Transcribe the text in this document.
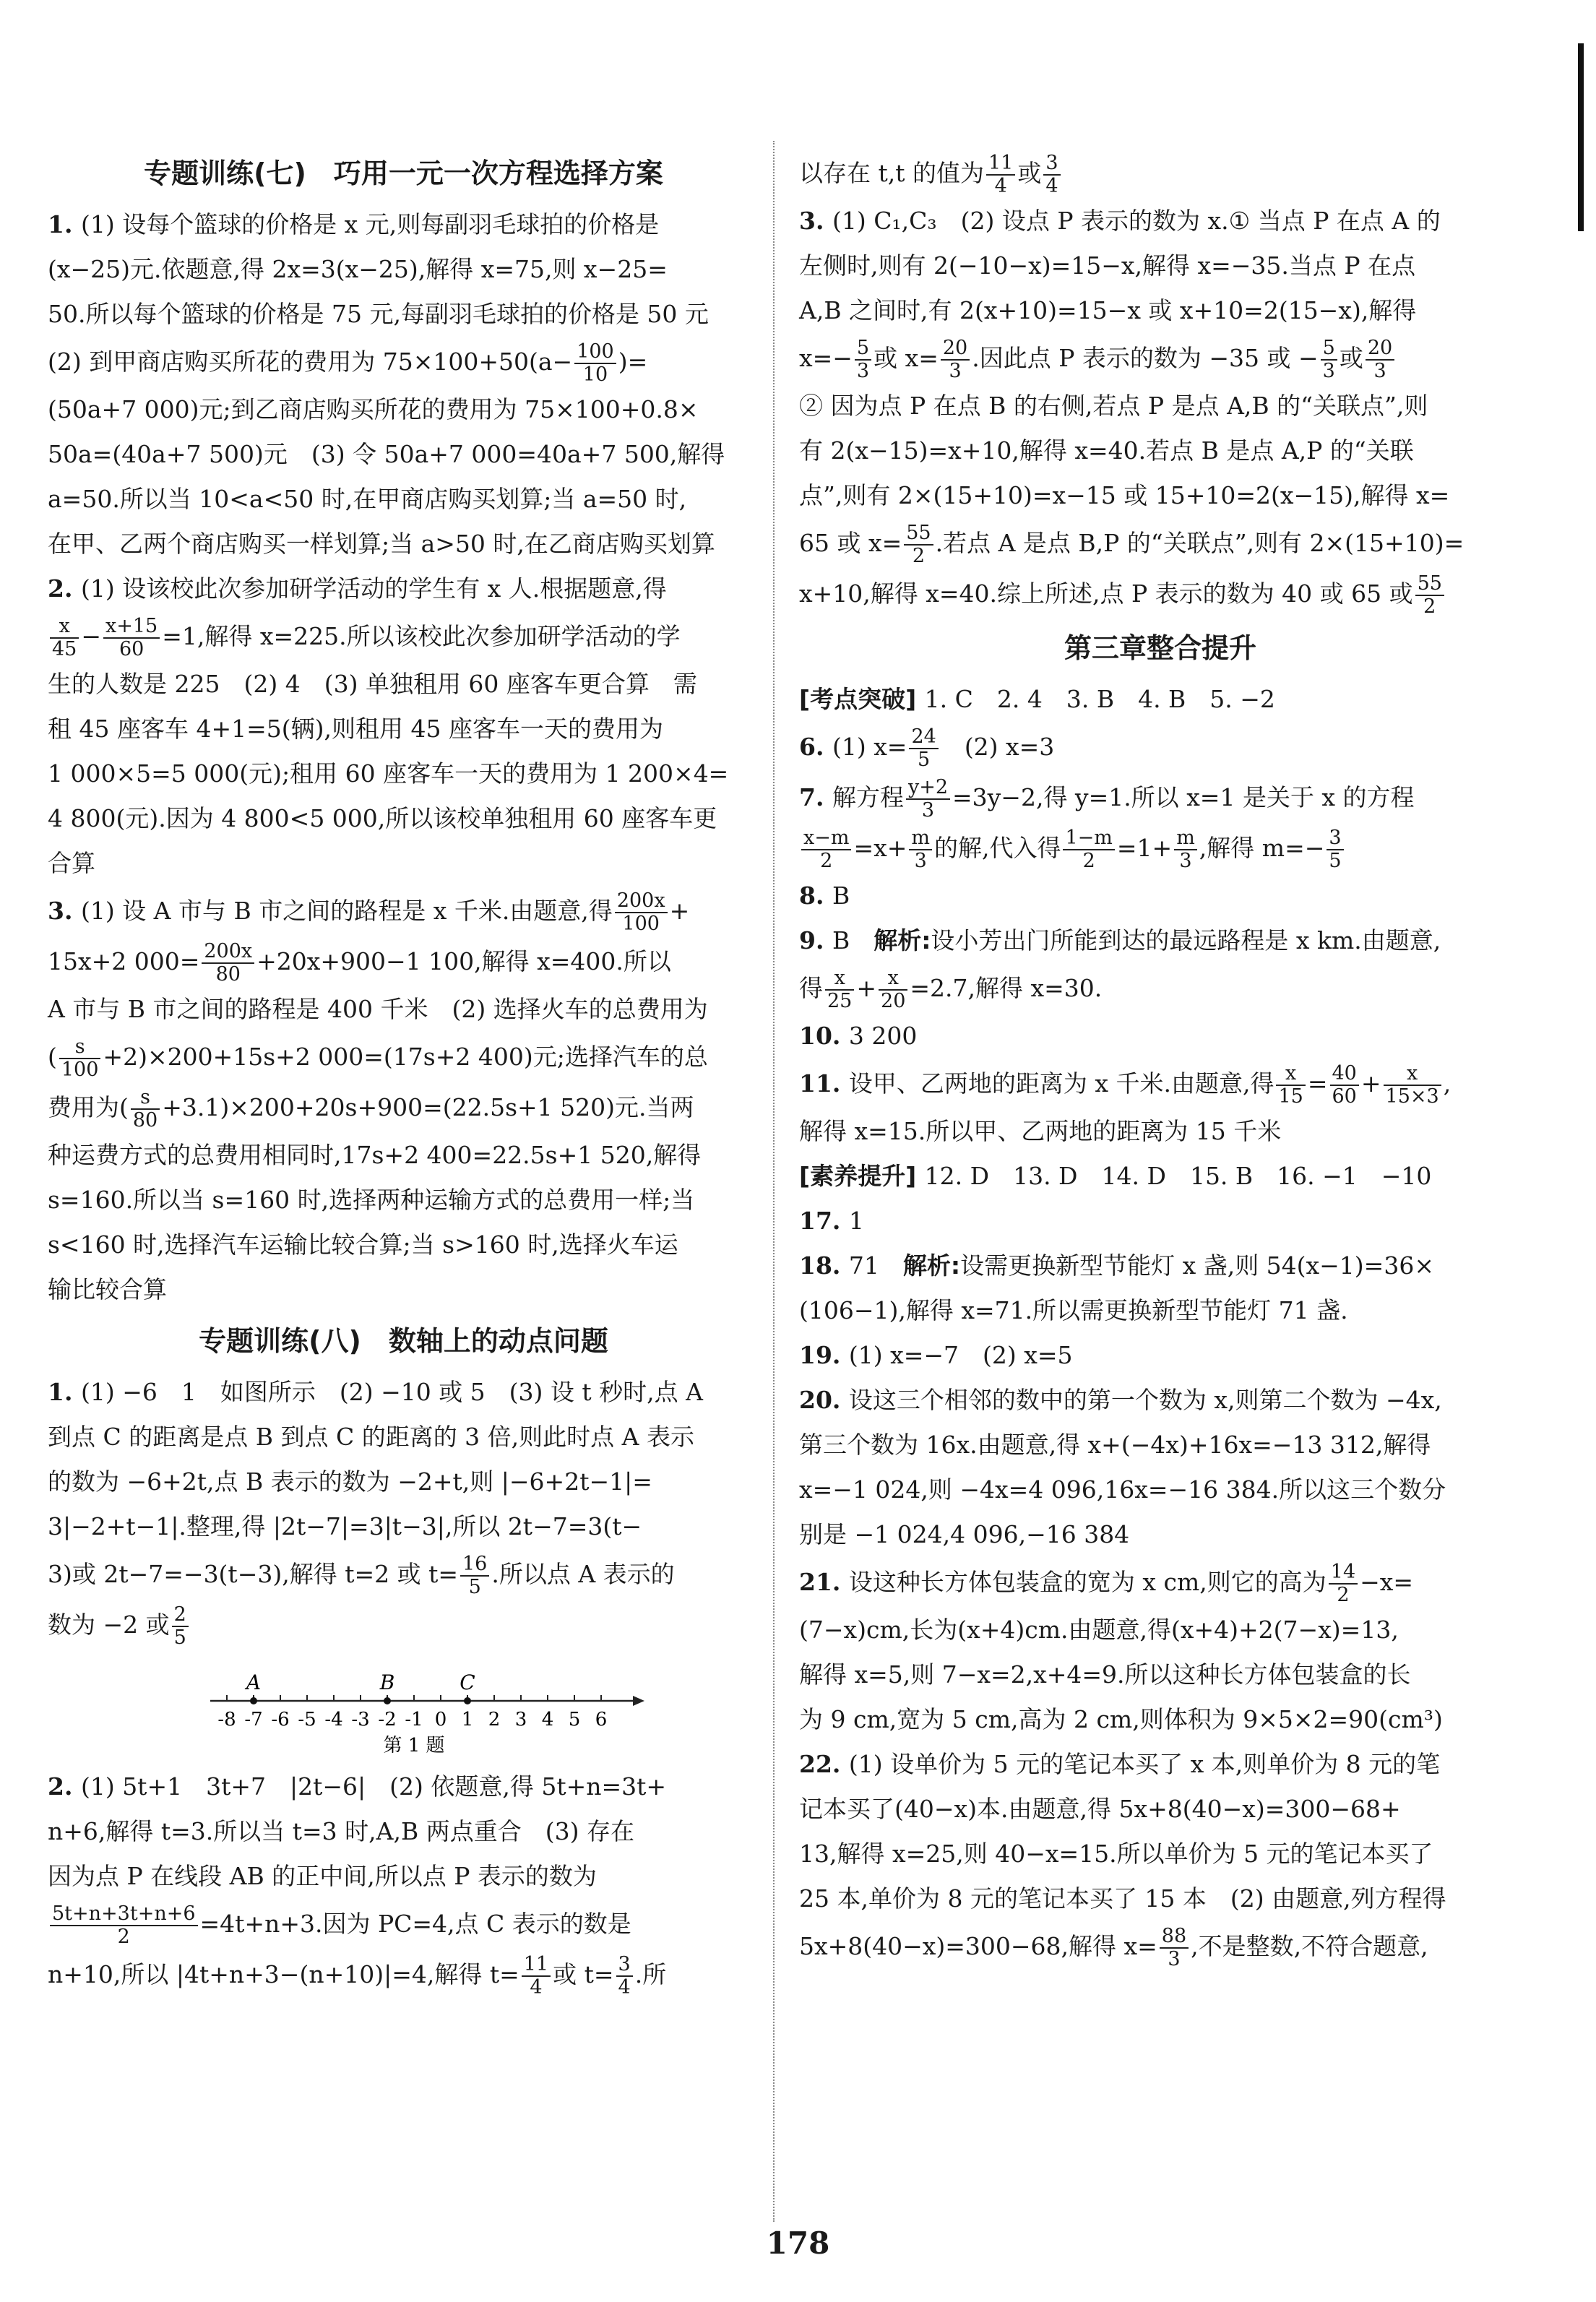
专题训练(七)　巧用一元一次方程选择方案

1. (1) 设每个篮球的价格是 x 元,则每副羽毛球拍的价格是

(x−25)元.依题意,得 2x=3(x−25),解得 x=75,则 x−25=

50.所以每个篮球的价格是 75 元,每副羽毛球拍的价格是 50 元

(2) 到甲商店购买所花的费用为 $75\times 100+50(a- \frac{100}{10}$ )=

(50a+7 000)元;到乙商店购买所花的费用为 75×100+0.8×

50a=(40a+7 500)元　(3) 令 50a+7 000=40a+7 500,解得

a=50.所以当 10<a<50 时,在甲商店购买划算;当 a=50 时,

在甲、乙两个商店购买一样划算;当 a>50 时,在乙商店购买划算

2. (1) 设该校此次参加研学活动的学生有 x 人.根据题意,得

$\frac{x}{45} - \frac{x+15}{60} =1$,解得 x=225.所以该校此次参加研学活动的学

生的人数是 225　(2) 4　(3) 单独租用 60 座客车更合算　需

租 45 座客车 4+1=5(辆),则租用 45 座客车一天的费用为

1 000×5=5 000(元);租用 60 座客车一天的费用为 1 200×4=

4 800(元).因为 4 800<5 000,所以该校单独租用 60 座客车更

合算

3. (1) 设 A 市与 B 市之间的路程是 x 千米.由题意,得 $\frac{200x}{100}$ +

15x+2 $000= \frac{200x}{80} +20x+900-1$ 100,解得 x=400.所以

A 市与 B 市之间的路程是 400 千米　(2) 选择火车的总费用为

( $\frac{s}{100} +2)\times 200+15s+2$ 000=(17s+2 400)元;选择汽车的总

费用为( $\frac{s}{80} +3.1)\times 200+20s+900=(22.5s+1$ 520)元.当两

种运费方式的总费用相同时,17s+2 400=22.5s+1 520,解得

s=160.所以当 s=160 时,选择两种运输方式的总费用一样;当

s<160 时,选择汽车运输比较合算;当 s>160 时,选择火车运

输比较合算

专题训练(八)　数轴上的动点问题

1. (1) −6　1　如图所示　(2) −10 或 5　(3) 设 t 秒时,点 A

到点 C 的距离是点 B 到点 C 的距离的 3 倍,则此时点 A 表示

的数为 −6+2t,点 B 表示的数为 −2+t,则 |−6+2t−1|=

3|−2+t−1|.整理,得 |2t−7|=3|t−3|,所以 2t−7=3(t−

3)或 2t−7=−3(t−3),解得 t=2 或 $t= \frac{16}{5}$ .所以点 A 表示的

数为 −2 或 $\frac{2}{5}$

-8 -7 -6 -5 -4 -3 -2 -1 0 1 2 3 4 5 6
A	B	C
第 1 题

2. (1) 5t+1　3t+7　|2t−6|　(2) 依题意,得 5t+n=3t+

n+6,解得 t=3.所以当 t=3 时,A,B 两点重合　(3) 存在

因为点 P 在线段 AB 的正中间,所以点 P 表示的数为

$\frac{5t+n+3t+n+6}{2} =4t+n+3$.因为 PC=4,点 C 表示的数是

n+10,所以 |4t+n+3−(n+10)|=4,解得 $t= \frac{11}{4}$ 或 $t= \frac{3}{4}$ .所

以存在 t,t 的值为 $\frac{11}{4}$ 或 $\frac{3}{4}$

3. (1) C₁,C₃　(2) 设点 P 表示的数为 x.① 当点 P 在点 A 的

左侧时,则有 2(−10−x)=15−x,解得 x=−35.当点 P 在点

A,B 之间时,有 2(x+10)=15−x 或 x+10=2(15−x),解得

$x=- \frac{5}{3}$ 或 $x= \frac{20}{3}$ .因此点 P 表示的数为 −35 或 − $\frac{5}{3}$ 或 $\frac{20}{3}$

② 因为点 P 在点 B 的右侧,若点 P 是点 A,B 的“关联点”,则

有 2(x−15)=x+10,解得 x=40.若点 B 是点 A,P 的“关联

点”,则有 2×(15+10)=x−15 或 15+10=2(x−15),解得 x=

65 或 $x= \frac{55}{2}$ .若点 A 是点 B,P 的“关联点”,则有 2×(15+10)=

x+10,解得 x=40.综上所述,点 P 表示的数为 40 或 65 或 $\frac{55}{2}$

第三章整合提升

[考点突破] 1. C　2. 4　3. B　4. B　5. −2

6. (1) $x= \frac{24}{5}$ 　(2) x=3

7. 解方程 $\frac{y+2}{3} =3y-2$,得 y=1.所以 x=1 是关于 x 的方程

$\frac{x-m}{2} =x+ \frac{m}{3}$ 的解,代入得 $\frac{1-m}{2} =1+ \frac{m}{3}$ ,解得 $m=- \frac{3}{5}$

8. B

9. B　解析:设小芳出门所能到达的最远路程是 x km.由题意,

得 $\frac{x}{25} + \frac{x}{20} =2.7$,解得 x=30.

10. 3 200

11. 设甲、乙两地的距离为 x 千米.由题意,得 $\frac{x}{15} = \frac{40}{60} + \frac{x}{15\times 3}$ ,

解得 x=15.所以甲、乙两地的距离为 15 千米

[素养提升] 12. D　13. D　14. D　15. B　16. −1　−10

17. 1

18. 71　解析:设需更换新型节能灯 x 盏,则 54(x−1)=36×

(106−1),解得 x=71.所以需更换新型节能灯 71 盏.

19. (1) x=−7　(2) x=5

20. 设这三个相邻的数中的第一个数为 x,则第二个数为 −4x,

第三个数为 16x.由题意,得 x+(−4x)+16x=−13 312,解得

x=−1 024,则 −4x=4 096,16x=−16 384.所以这三个数分

别是 −1 024,4 096,−16 384

21. 设这种长方体包装盒的宽为 x cm,则它的高为 $\frac{14}{2} -x=$

(7−x)cm,长为(x+4)cm.由题意,得(x+4)+2(7−x)=13,

解得 x=5,则 7−x=2,x+4=9.所以这种长方体包装盒的长

为 9 cm,宽为 5 cm,高为 2 cm,则体积为 9×5×2=90(cm³)

22. (1) 设单价为 5 元的笔记本买了 x 本,则单价为 8 元的笔

记本买了(40−x)本.由题意,得 5x+8(40−x)=300−68+

13,解得 x=25,则 40−x=15.所以单价为 5 元的笔记本买了

25 本,单价为 8 元的笔记本买了 15 本　(2) 由题意,列方程得

5x+8(40−x)=300−68,解得 $x= \frac{88}{3}$ ,不是整数,不符合题意,

178
